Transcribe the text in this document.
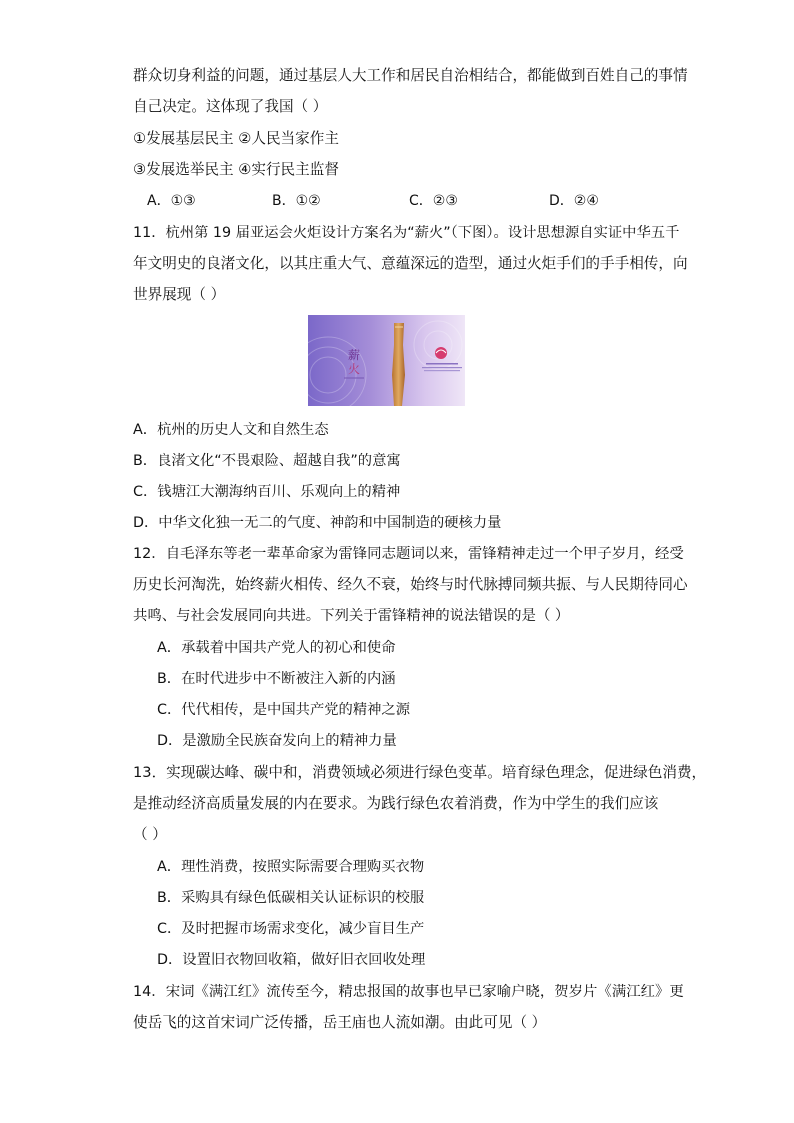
群众切身利益的问题，通过基层人大工作和居民自治相结合，都能做到百姓自己的事情
自己决定。这体现了我国（ ）
①发展基层民主 ②人民当家作主
③发展选举民主 ④实行民主监督
A．①③	B．①②	C．②③	D．②④
11．杭州第 19 届亚运会火炬设计方案名为“薪火”（下图）。设计思想源自实证中华五千
年文明史的良渚文化，以其庄重大气、意蕴深远的造型，通过火炬手们的手手相传，向
世界展现（ ）
薪
火
A．杭州的历史人文和自然生态
B．良渚文化“不畏艰险、超越自我”的意寓
C．钱塘江大潮海纳百川、乐观向上的精神
D．中华文化独一无二的气度、神韵和中国制造的硬核力量
12．自毛泽东等老一辈革命家为雷锋同志题词以来，雷锋精神走过一个甲子岁月，经受
历史长河淘洗，始终薪火相传、经久不衰，始终与时代脉搏同频共振、与人民期待同心
共鸣、与社会发展同向共进。下列关于雷锋精神的说法错误的是（ ）
A．承载着中国共产党人的初心和使命
B．在时代进步中不断被注入新的内涵
C．代代相传，是中国共产党的精神之源
D．是激励全民族奋发向上的精神力量
13．实现碳达峰、碳中和，消费领域必须进行绿色变革。培育绿色理念，促进绿色消费，
是推动经济高质量发展的内在要求。为践行绿色农着消费，作为中学生的我们应该
（ ）
A．理性消费，按照实际需要合理购买衣物
B．采购具有绿色低碳相关认证标识的校服
C．及时把握市场需求变化，减少盲目生产
D．设置旧衣物回收箱，做好旧衣回收处理
14．宋词《满江红》流传至今，精忠报国的故事也早已家喻户晓，贺岁片《满江红》更
使岳飞的这首宋词广泛传播，岳王庙也人流如潮。由此可见（ ）
